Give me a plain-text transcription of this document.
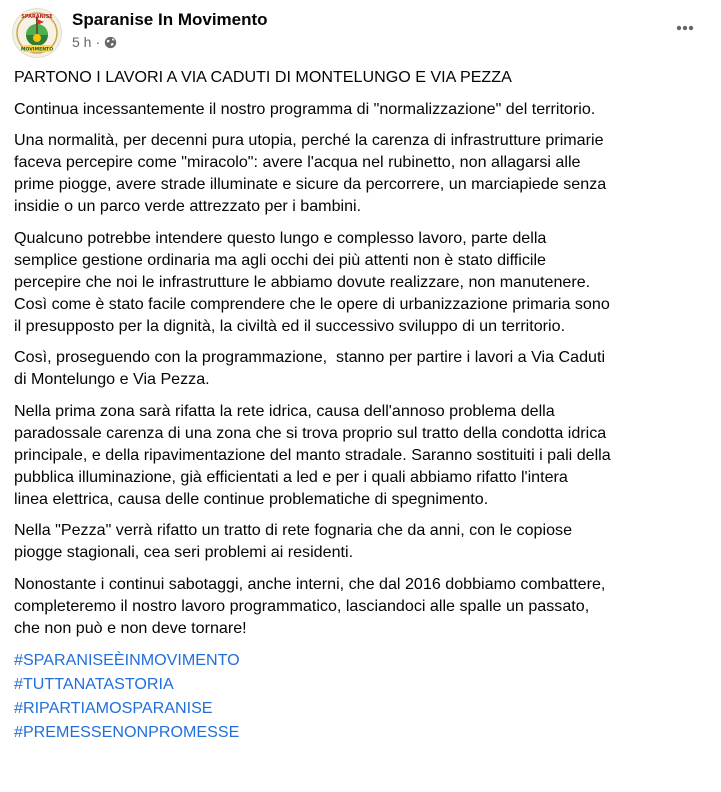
SPARANISE
MOVIMENTO
Sparanise In Movimento
5 h ·

PARTONO I LAVORI A VIA CADUTI DI MONTELUNGO E VIA PEZZA

Continua incessantemente il nostro programma di "normalizzazione" del territorio.

Una normalità, per decenni pura utopia, perché la carenza di infrastrutture primarie
faceva percepire come "miracolo": avere l'acqua nel rubinetto, non allagarsi alle
prime piogge, avere strade illuminate e sicure da percorrere, un marciapiede senza
insidie o un parco verde attrezzato per i bambini.

Qualcuno potrebbe intendere questo lungo e complesso lavoro, parte della
semplice gestione ordinaria ma agli occhi dei più attenti non è stato difficile
percepire che noi le infrastrutture le abbiamo dovute realizzare, non manutenere.
Così come è stato facile comprendere che le opere di urbanizzazione primaria sono
il presupposto per la dignità, la civiltà ed il successivo sviluppo di un territorio.

Così, proseguendo con la programmazione,  stanno per partire i lavori a Via Caduti
di Montelungo e Via Pezza.

Nella prima zona sarà rifatta la rete idrica, causa dell'annoso problema della
paradossale carenza di una zona che si trova proprio sul tratto della condotta idrica
principale, e della ripavimentazione del manto stradale. Saranno sostituiti i pali della
pubblica illuminazione, già efficientati a led e per i quali abbiamo rifatto l'intera
linea elettrica, causa delle continue problematiche di spegnimento.

Nella "Pezza" verrà rifatto un tratto di rete fognaria che da anni, con le copiose
piogge stagionali, cea seri problemi ai residenti.

Nonostante i continui sabotaggi, anche interni, che dal 2016 dobbiamo combattere,
completeremo il nostro lavoro programmatico, lasciandoci alle spalle un passato,
che non può e non deve tornare!

#SPARANISEÈINMOVIMENTO
#TUTTANATASTORIA
#RIPARTIAMOSPARANISE
#PREMESSENONPROMESSE
